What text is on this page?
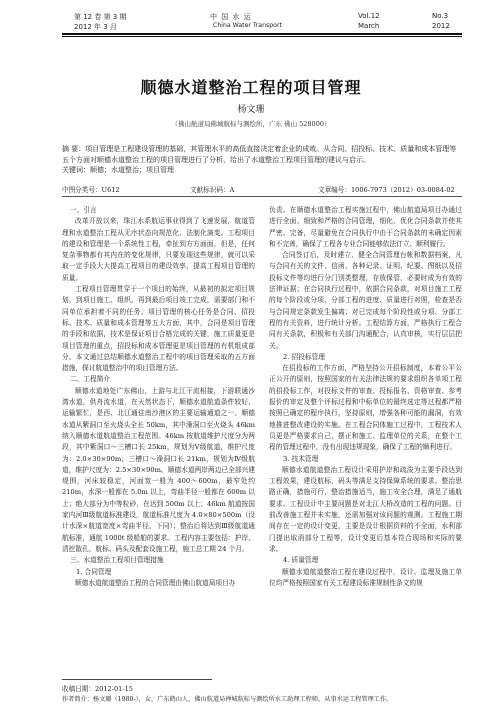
第 12 卷 第 3 期
2012 年 3 月
中 国 水 运
China Water Transport
Vol.12
March
No.3
2012
顺德水道整治工程的项目管理
杨文珊
（佛山航道局佛城航标与测绘所，广东 佛山 528000）
摘 要：项目管理是工程建设管理的基础，其管理水平的高低直接决定着企业的成败。从合同、招投标、技术、质量和成本管理等五个方面对顺德水道整治工程的项目管理进行了分析，给出了水道整治工程项目管理的建议与启示。
关键词：顺德；水道整治；项目管理
中图分类号：U612	文献标识码：A	文章编号：1006-7973（2012）03-0084-02

一、引言

改革开放以来，珠江水系航运事业得到了飞速发展，航道管理和水道整治工程从无序状态向规范化、法制化演变。工程项目的建设和管理是一个系统性工程，牵扯到方方面面，但是，任何复杂事物都有其内在的变化规律，只要发现这些规律，就可以采取一定手段大大提高工程项目的建设效率，提高工程项目管理的质量。

工程项目管理贯穿于一个项目的始终，从最初的拟定项目规划，到项目施工、组织，再到最后项目竣工完成，需要部门和不同单位承担着不同的任务。项目管理的核心任务是合同、招投标、技术、质量和成本管理等五大方面，其中，合同是项目管理的手段和依据，技术是保证项目合格完成的关键，施工质量更是项目管理的重点，招投标和成本管理更是项目管理的有机组成部分。本文通过总结顺德水道整治工程中的项目管理采取的五方面措施，探讨航道整治中的项目管理方法。

二、工程简介

顺德水道地处广东佛山，上游与北江干流相接，下游联通沙湾水道，供舟流水道，在天然状态下，顺德水道航道条件较好，运输繁忙，是西、北江通往南沙港区的主要运输通道之一。顺德水道从紫洞口至火烧头全长 50km，其中澡洞口至火烧头 46km 纳入顺德水道航道整治工程范围。46km 按航道维护尺度分为两段，其中紫洞口～三槽口长 25km，规划为Ⅴ级航道，维护尺度为：2.0×30×90m；三槽口～澡洞口长 21km，规划为Ⅳ级航道，维护尺度为：2.5×30×90m。顺德水道两岸两边已全部兴建堤围，河床较稳定，河面宽一般为 400～600m，最窄处约 210m，水深一般都在 5.0m 以上，弯曲半径一般都在 600m 以上；绝大部分为中等粒砂，在达到 500m 以上；46km 航道按国家内河Ⅲ级航道标准建设，航道标准尺度为 4.0×80×500m（设计水深×航道宽度×弯曲半径，下同）；整治后将达到Ⅲ级航道通航标准，通航 1000t 级船舶的要求。工程内容主要包括：护岸、清挖散孔，航标、码头及配套设施工程，施工总工期 24 个月。

三、水道整治工程项目管理措施

1. 合同管理

顺德水道航道整治工程的合同管理由佛山航道局项目办

负责。在顺德水道整治工程实施过程中，佛山航道局项目办通过进行全面、细致和严格的合同管理，细化、优化合同条款并使其严密、完备，尽量避免在合同执行中由于合同条款的未确定因素和不完善，确保了工程各专业合同能够依法订立、顺利履行。

合同签订后，及时建立、健全合同管理台帐和数据档案，凡与合同有关的文件、信函、各种记录、证明、纪要、图纸以及招投标文件等均进行分门别类整理，存放保管，必要时成为有效的法律证据；在合同执行过程中，依据合同条款，对项目施工工程的每个阶段或分项、分部工程的进度、质量进行对照，检查是否与合同规定条款发生偏离；对已完成每个阶段性或分项、分部工程的有关资料，进行统计分析。工程结算方面，严格执行工程合同有关条款，积极和有关部门沟通配合，认真审核，实行层层把关。

2. 招投标管理

在招投标的工作方面，严格坚持公开招标制度，本着公平公正公开的原则，按照国家的有关法律法规的要求组织各单项工程的招投标工作，对投标文件的审查、投标报名、资格审查、参考报价的审定及整个评标过程和中标单位的最终选定等过程都严格按照已确定的程序执行，坚持原则，增强各种可能的漏洞，有效地推进整改建设的实施。在工程合同体施工过程中，工程技术人员更是严格要求自己，摆正和施工、监理单位的关系，在整个工程的管理过程中，没有出现违规现象，确保了工程的顺利进行。

3. 技术管理

顺德水道航道整治工程设计采用护岸和疏浚为主要手段达到工程效果，建设航标，码头等满足支持保障系统的要求。整治思路正确，措施可行，整治措施适当，施工安全合理，满足了通航要求。工程设计中主要问题是对北江大桥改造的工程的问题。目前改善施工程并未实施，还需加强对该问题的观测。工程施工期间存在一定的设计变更，主要是设计根据资料的不全面，水利部门提出取消部分工程等，设计变更后基本符合现场和实际的要求。

4. 质量管理

顺德水道航道整治工程在建设过程中，设计、监理及施工单位均严格按照国家有关工程建设标准规制性条文的规

收稿日期：2012-01-15
作者简介：杨文珊（1980-），女，广东鹤山人，佛山航道局禅城航标与测绘所水工助理工程师，从事水运工程管理工作。
